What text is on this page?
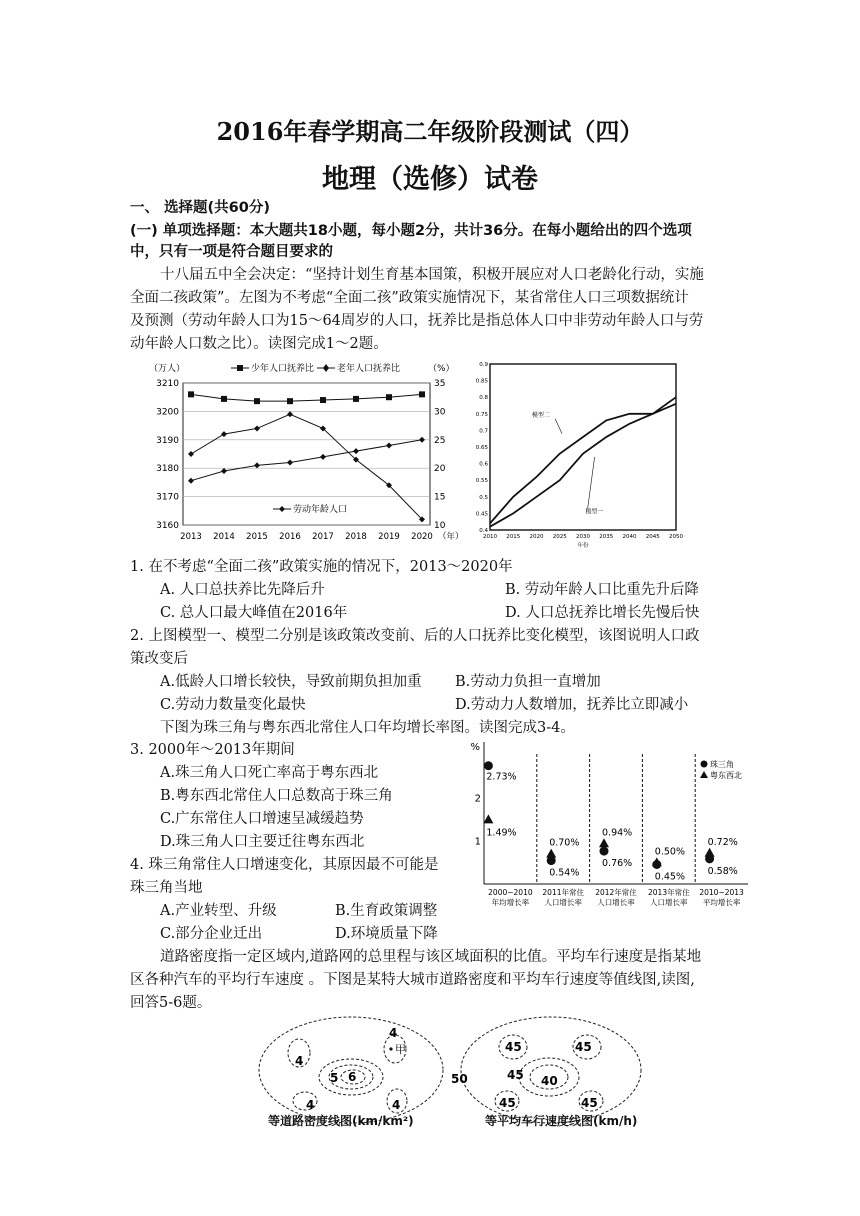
2016年春学期高二年级阶段测试（四）
地理（选修）试卷
一、 选择题(共60分)
(一) 单项选择题：本大题共18小题，每小题2分，共计36分。在每小题给出的四个选项
中，只有一项是符合题目要求的
十八届五中全会决定：“坚持计划生育基本国策，积极开展应对人口老龄化行动，实施
全面二孩政策”。左图为不考虑“全面二孩”政策实施情况下，某省常住人口三项数据统计
及预测（劳动年龄人口为15～64周岁的人口，抚养比是指总体人口中非劳动年龄人口与劳
动年龄人口数之比）。读图完成1～2题。
3160
3170
3180
3190
3200
3210
10
15
20
25
30
35
2013 2014 2015 2016 2017 2018 2019 2020 （年）
（万人）	（%）
少年人口抚养比	老年人口抚养比
劳动年龄人口
0.4
0.45
0.5
0.55
0.6
0.65
0.7
0.75
0.8
0.85
0.9
2010 2015 2020 2025 2030 2035 2040 2045 2050
年份
模型二
模型一
1. 在不考虑“全面二孩”政策实施的情况下，2013～2020年
A. 人口总扶养比先降后升	B. 劳动年龄人口比重先升后降
C. 总人口最大峰值在2016年	D. 人口总抚养比增长先慢后快
2. 上图模型一、模型二分别是该政策改变前、后的人口抚养比变化模型，该图说明人口政
策改变后
A.低龄人口增长较快，导致前期负担加重 B.劳动力负担一直增加
C.劳动力数量变化最快	D.劳动力人数增加，抚养比立即减小
下图为珠三角与粤东西北常住人口年均增长率图。读图完成3-4。
3. 2000年～2013年期间
A.珠三角人口死亡率高于粤东西北
B.粤东西北常住人口总数高于珠三角
C.广东常住人口增速呈减缓趋势
D.珠三角人口主要迁往粤东西北
4. 珠三角常住人口增速变化，其原因最不可能是
珠三角当地
A.产业转型、升级	B.生育政策调整
C.部分企业迁出	D.环境质量下降
%
1
2
2000~2010
年均增长率
2011年常住
人口增长率
2012年常住
人口增长率
2013年常住
人口增长率
2010~2013
平均增长率
2.73%
0.54%
0.76%
0.45%
0.58%
1.49%
0.70%
0.94%
0.50%
0.72%
珠三角
粤东西北
道路密度指一定区域内,道路网的总里程与该区域面积的比值。平均车行速度是指某地
区各种汽车的平均行车速度 。下图是某特大城市道路密度和平均车行速度等值线图,读图,
回答5-6题。
4
4
4	4
5 6
甲
等道路密度线图(km/km²)
45	45
45	45
45 40
50
等平均车行速度线图(km/h)
